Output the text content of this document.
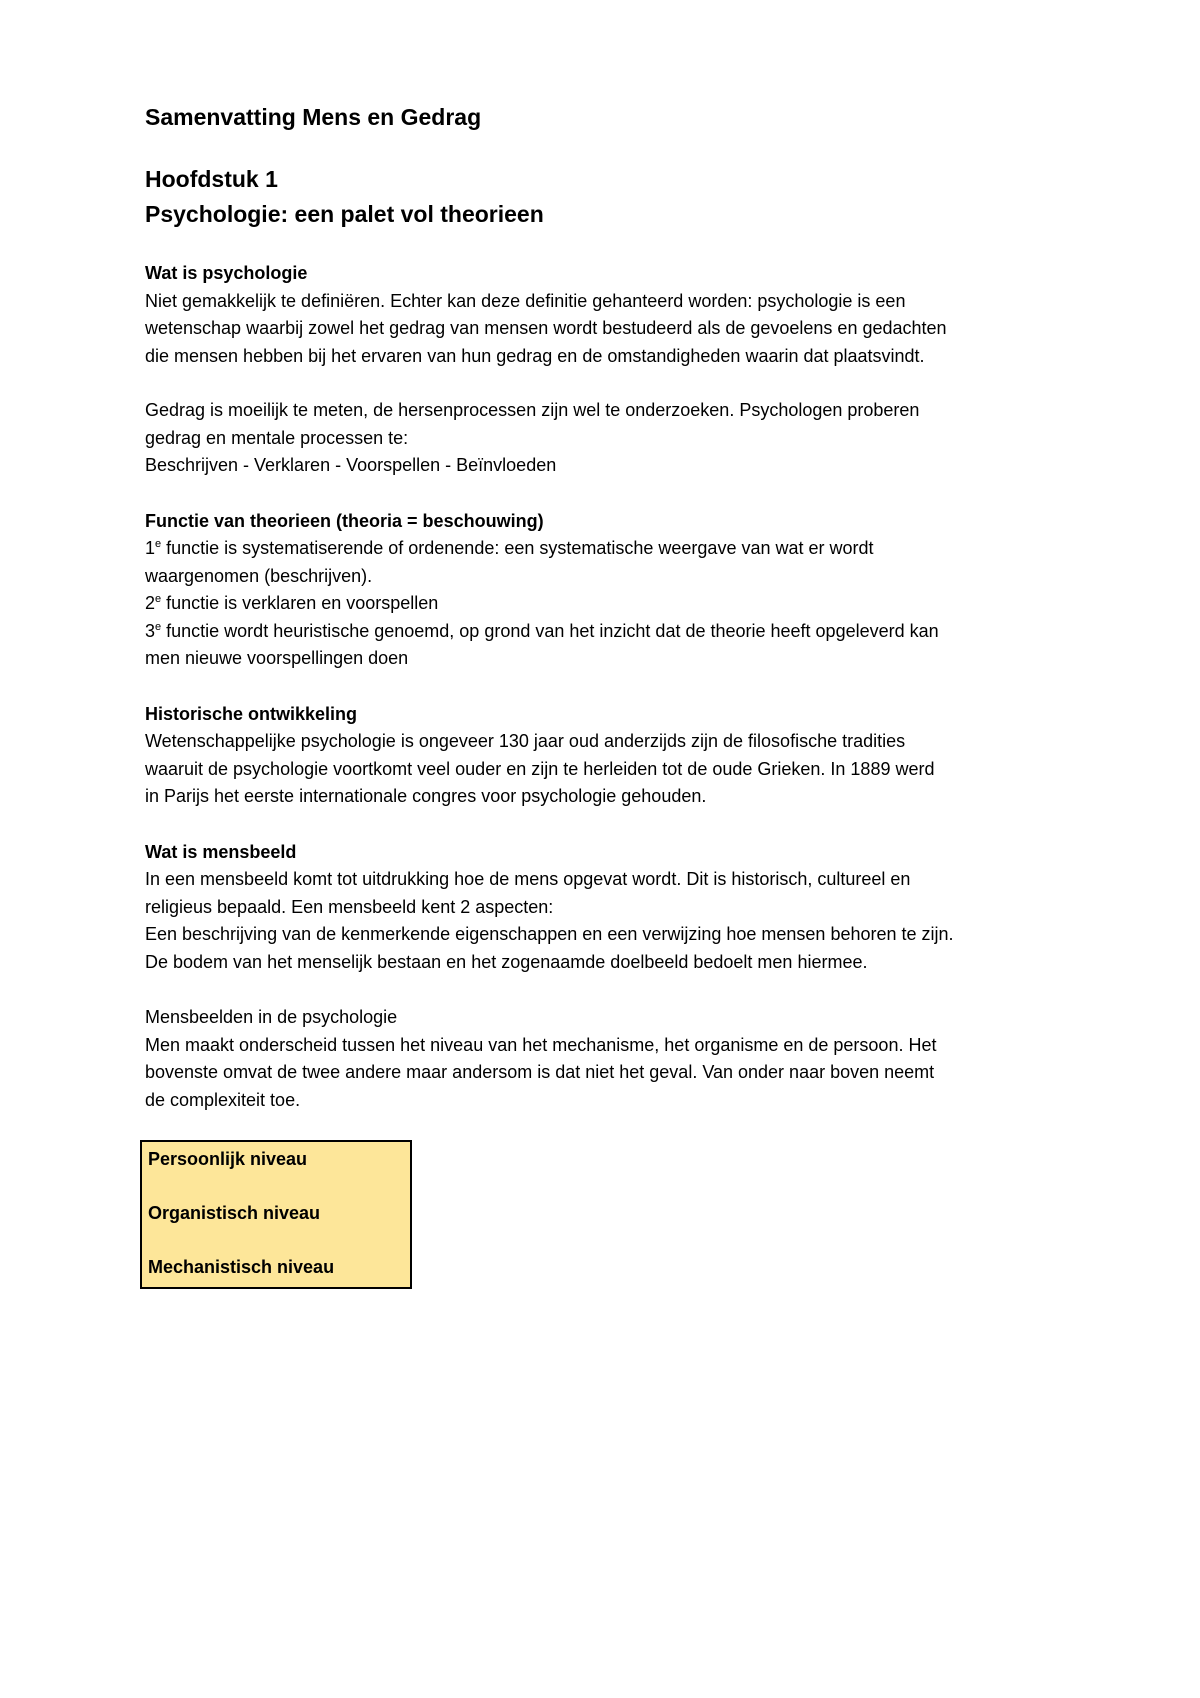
Samenvatting Mens en Gedrag

Hoofdstuk 1

Psychologie: een palet vol theorieen

Wat is psychologie

Niet gemakkelijk te definiëren. Echter kan deze definitie gehanteerd worden: psychologie is een

wetenschap waarbij zowel het gedrag van mensen wordt bestudeerd als de gevoelens en gedachten

die mensen hebben bij het ervaren van hun gedrag en de omstandigheden waarin dat plaatsvindt.

Gedrag is moeilijk te meten, de hersenprocessen zijn wel te onderzoeken. Psychologen proberen

gedrag en mentale processen te:

Beschrijven - Verklaren - Voorspellen - Beïnvloeden

Functie van theorieen (theoria = beschouwing)

1e functie is systematiserende of ordenende: een systematische weergave van wat er wordt

waargenomen (beschrijven).

2e functie is verklaren en voorspellen

3e functie wordt heuristische genoemd, op grond van het inzicht dat de theorie heeft opgeleverd kan

men nieuwe voorspellingen doen

Historische ontwikkeling

Wetenschappelijke psychologie is ongeveer 130 jaar oud anderzijds zijn de filosofische tradities

waaruit de psychologie voortkomt veel ouder en zijn te herleiden tot de oude Grieken. In 1889 werd

in Parijs het eerste internationale congres voor psychologie gehouden.

Wat is mensbeeld

In een mensbeeld komt tot uitdrukking hoe de mens opgevat wordt. Dit is historisch, cultureel en

religieus bepaald. Een mensbeeld kent 2 aspecten:

Een beschrijving van de kenmerkende eigenschappen en een verwijzing hoe mensen behoren te zijn.

De bodem van het menselijk bestaan en het zogenaamde doelbeeld bedoelt men hiermee.

Mensbeelden in de psychologie

Men maakt onderscheid tussen het niveau van het mechanisme, het organisme en de persoon. Het

bovenste omvat de twee andere maar andersom is dat niet het geval. Van onder naar boven neemt

de complexiteit toe.

Persoonlijk niveau

Organistisch niveau

Mechanistisch niveau
